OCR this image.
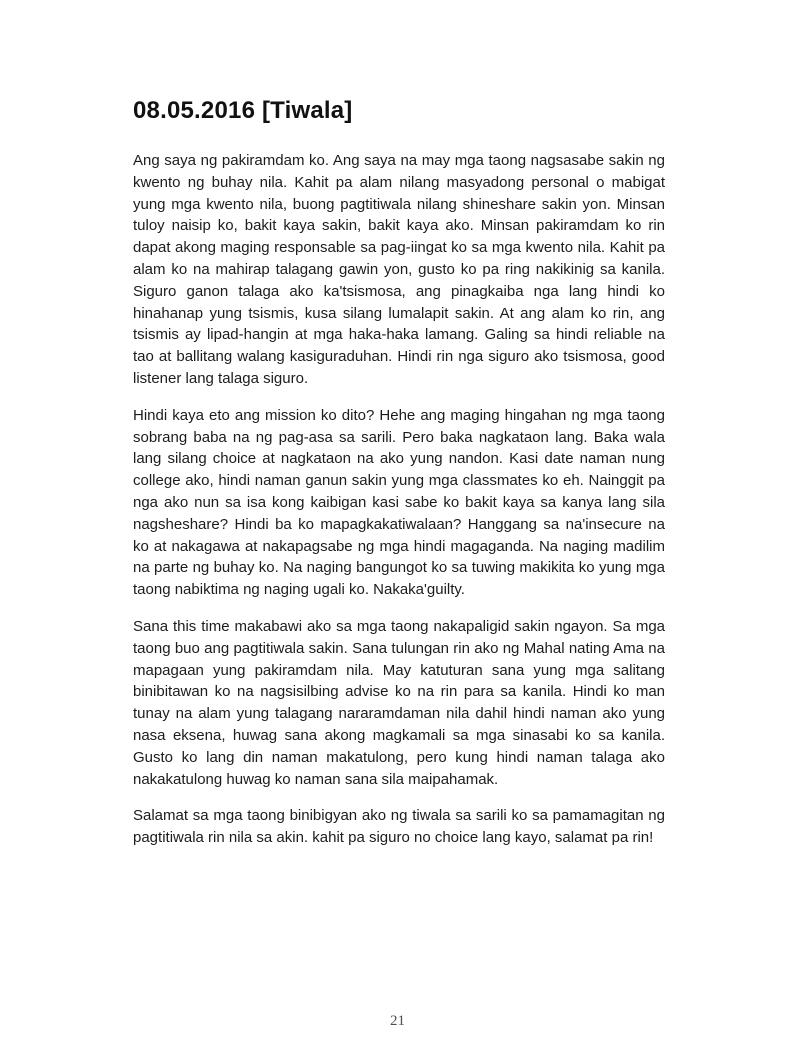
08.05.2016 [Tiwala]

Ang saya ng pakiramdam ko. Ang saya na may mga taong nagsasabe sakin ng kwento ng buhay nila. Kahit pa alam nilang masyadong personal o mabigat yung mga kwento nila, buong pagtitiwala nilang shineshare sakin yon. Minsan tuloy naisip ko, bakit kaya sakin, bakit kaya ako. Minsan pakiramdam ko rin dapat akong maging responsable sa pag-iingat ko sa mga kwento nila. Kahit pa alam ko na mahirap talagang gawin yon, gusto ko pa ring nakikinig sa kanila. Siguro ganon talaga ako ka'tsismosa, ang pinagkaiba nga lang hindi ko hinahanap yung tsismis, kusa silang lumalapit sakin. At ang alam ko rin, ang tsismis ay lipad-hangin at mga haka-haka lamang. Galing sa hindi reliable na tao at ballitang walang kasiguraduhan. Hindi rin nga siguro ako tsismosa, good listener lang talaga siguro.

Hindi kaya eto ang mission ko dito? Hehe ang maging hingahan ng mga taong sobrang baba na ng pag-asa sa sarili. Pero baka nagkataon lang. Baka wala lang silang choice at nagkataon na ako yung nandon. Kasi date naman nung college ako, hindi naman ganun sakin yung mga classmates ko eh. Nainggit pa nga ako nun sa isa kong kaibigan kasi sabe ko bakit kaya sa kanya lang sila nagsheshare? Hindi ba ko mapagkakatiwalaan? Hanggang sa na'insecure na ko at nakagawa at nakapagsabe ng mga hindi magaganda. Na naging madilim na parte ng buhay ko. Na naging bangungot ko sa tuwing makikita ko yung mga taong nabiktima ng naging ugali ko. Nakaka'guilty.

Sana this time makabawi ako sa mga taong nakapaligid sakin ngayon. Sa mga taong buo ang pagtitiwala sakin. Sana tulungan rin ako ng Mahal nating Ama na mapagaan yung pakiramdam nila. May katuturan sana yung mga salitang binibitawan ko na nagsisilbing advise ko na rin para sa kanila. Hindi ko man tunay na alam yung talagang nararamdaman nila dahil hindi naman ako yung nasa eksena, huwag sana akong magkamali sa mga sinasabi ko sa kanila. Gusto ko lang din naman makatulong, pero kung hindi naman talaga ako nakakatulong huwag ko naman sana sila maipahamak.

Salamat sa mga taong binibigyan ako ng tiwala sa sarili ko sa pamamagitan ng pagtitiwala rin nila sa akin. kahit pa siguro no choice lang kayo, salamat pa rin!

21
